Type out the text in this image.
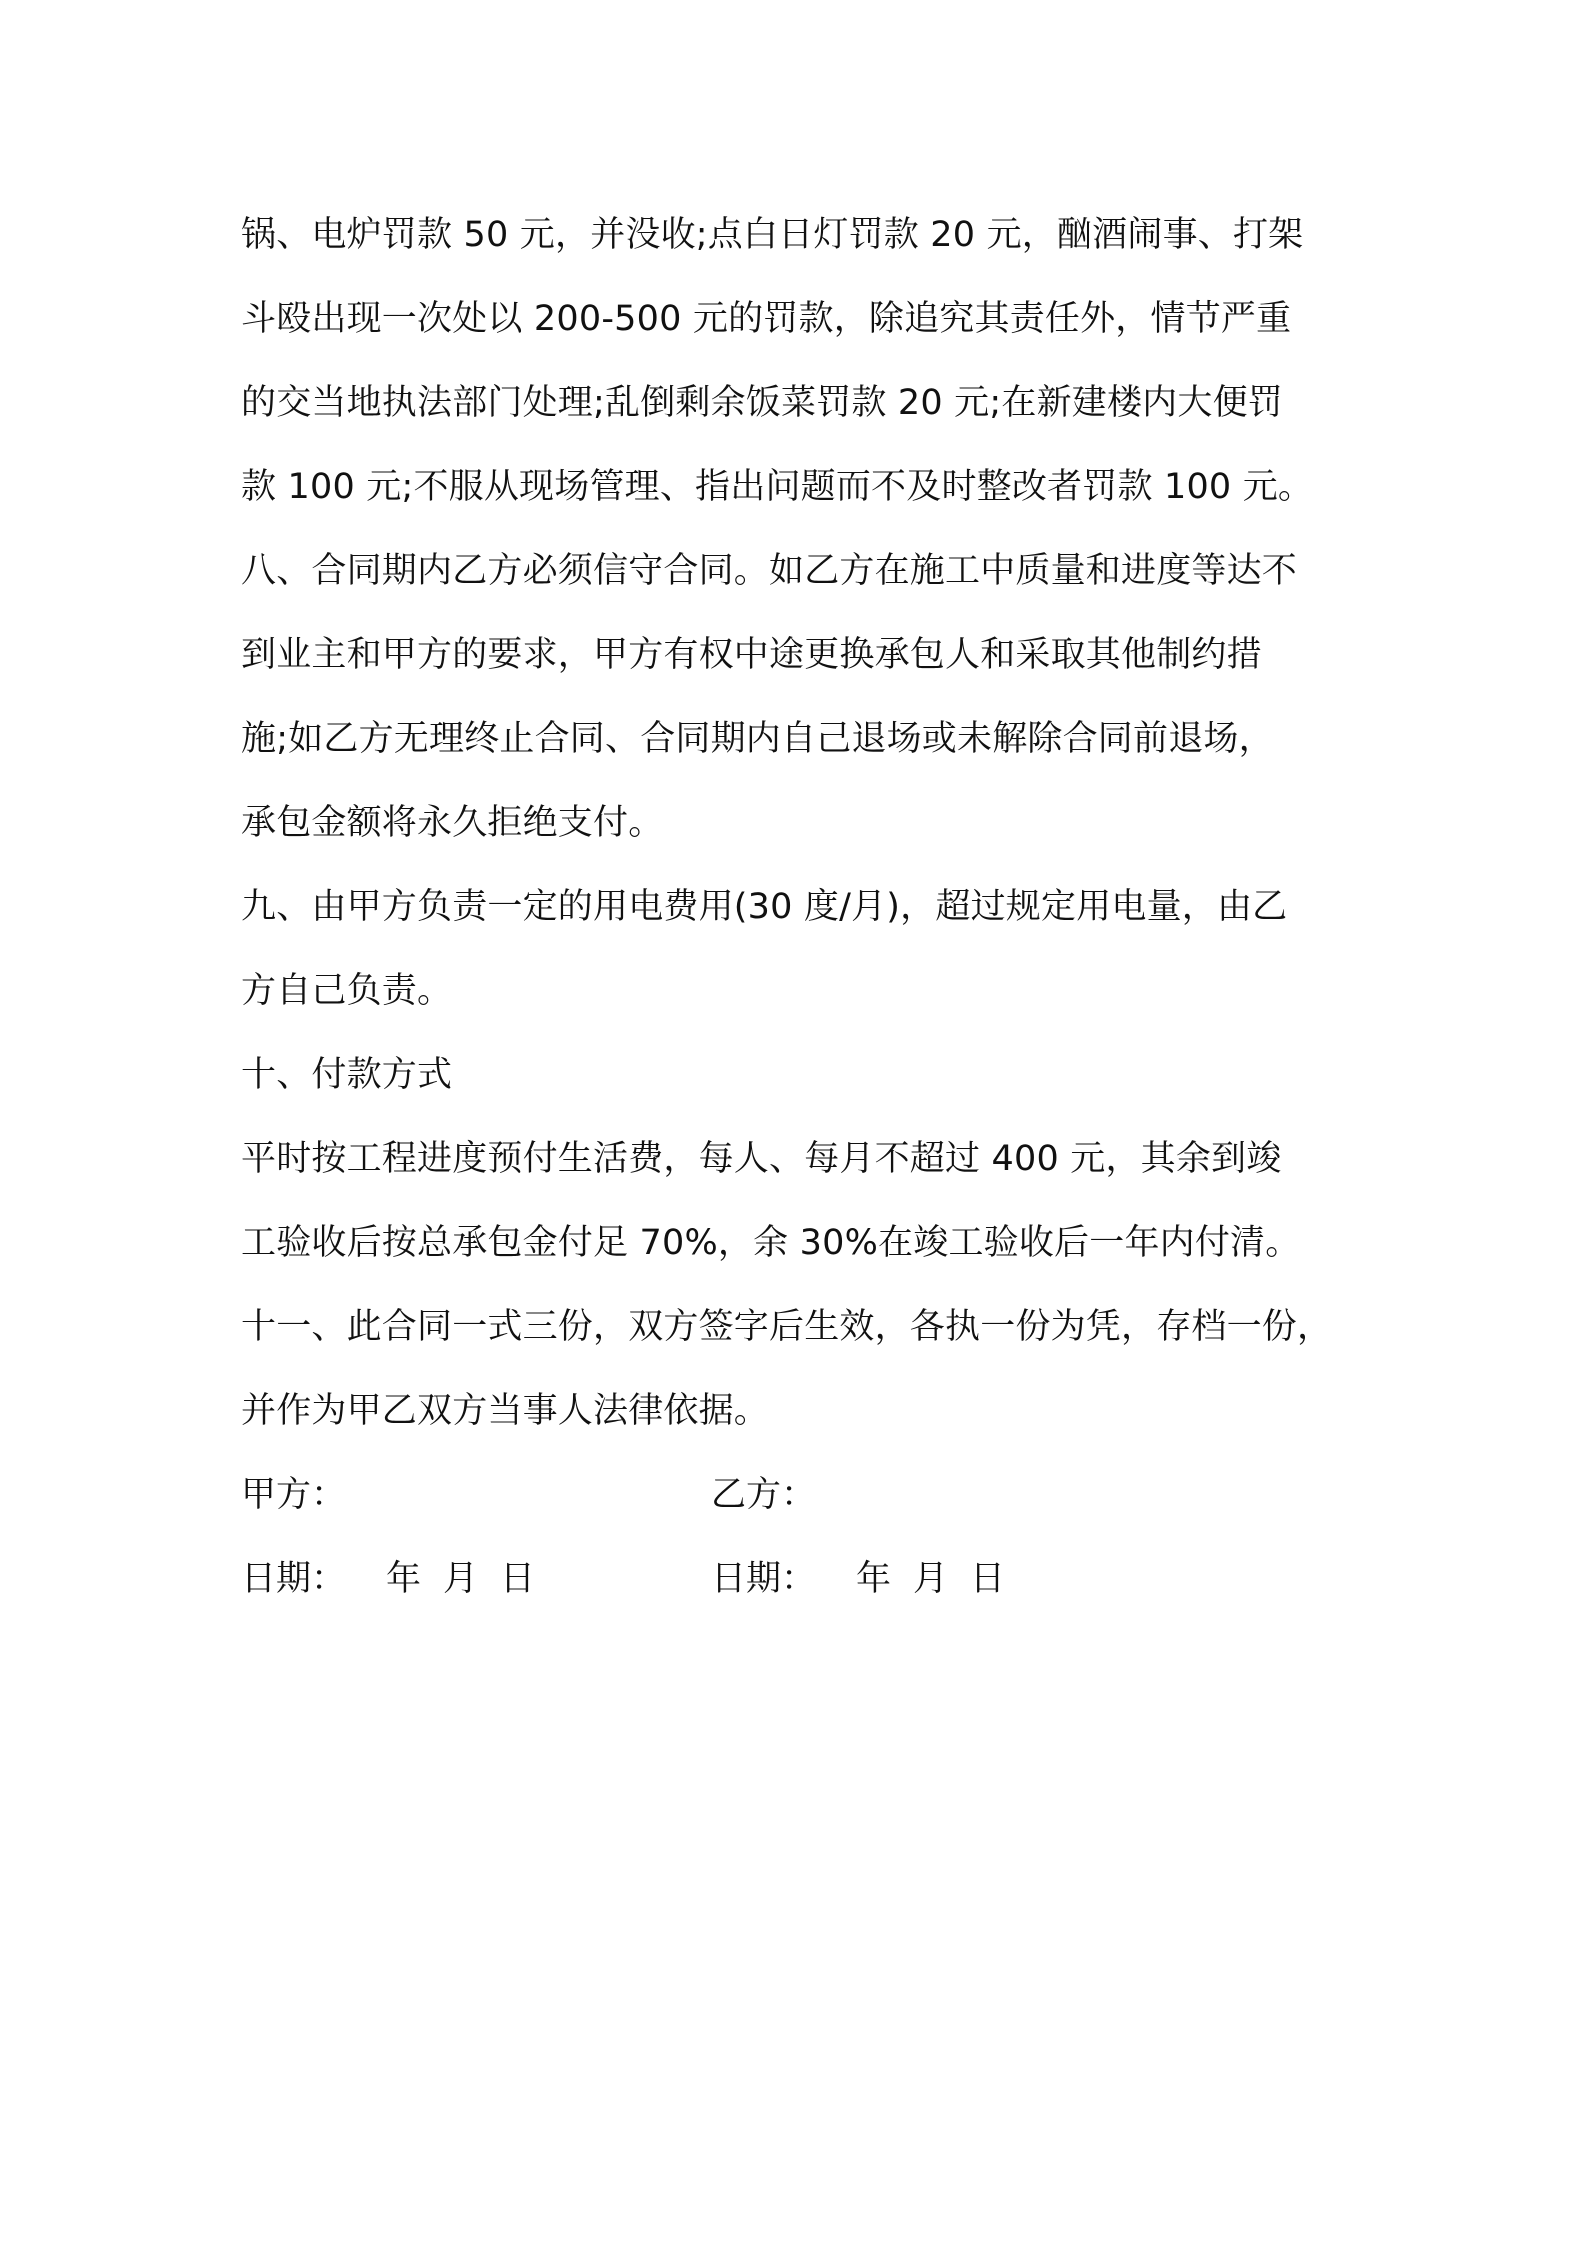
锅、电炉罚款 50 元，并没收;点白日灯罚款 20 元，酗酒闹事、打架
斗殴出现一次处以 200-500 元的罚款，除追究其责任外，情节严重
的交当地执法部门处理;乱倒剩余饭菜罚款 20 元;在新建楼内大便罚
款 100 元;不服从现场管理、指出问题而不及时整改者罚款 100 元。
八、合同期内乙方必须信守合同。如乙方在施工中质量和进度等达不
到业主和甲方的要求，甲方有权中途更换承包人和采取其他制约措
施;如乙方无理终止合同、合同期内自己退场或未解除合同前退场，
承包金额将永久拒绝支付。
九、由甲方负责一定的用电费用(30 度/月)，超过规定用电量，由乙
方自己负责。
十、付款方式
平时按工程进度预付生活费，每人、每月不超过 400 元，其余到竣
工验收后按总承包金付足 70%，余 30%在竣工验收后一年内付清。
十一、此合同一式三份，双方签字后生效，各执一份为凭，存档一份，
并作为甲乙双方当事人法律依据。
甲方：	乙方：
日期： 年 月 日	日期： 年 月 日
